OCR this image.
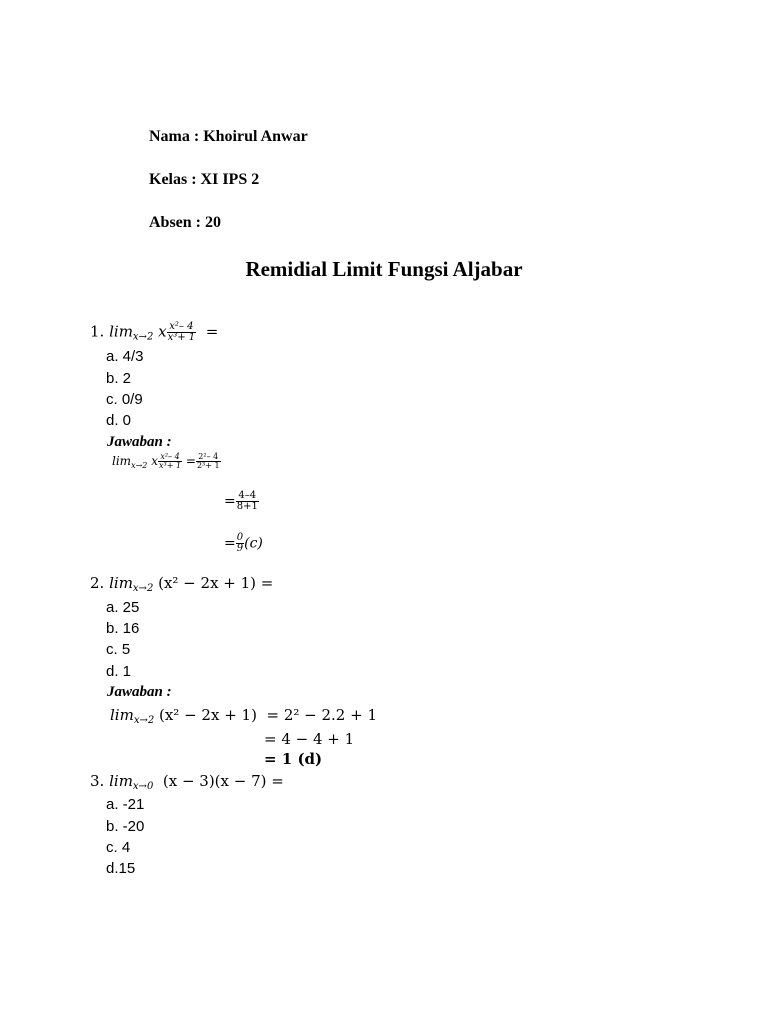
Nama : Khoirul Anwar
Kelas : XI IPS 2
Absen : 20
Remidial Limit Fungsi Aljabar
1. $\lim_{x\to 2} x \frac{\text{x²– 4}}{\text{x³+ 1}}$ =
a. 4/3
b. 2
c. 0/9
d. 0
Jawaban :
$\lim_{x\to 2} x \frac{\text{x²– 4}}{\text{x³+ 1}} = \frac{\text{2²– 4}}{\text{2³+ 1}}$
= $\frac{4-4}{8+1}$
= $\frac{0}{9} (c)$
2. $\lim_{x\to 2} (x^2 - 2x + 1)$ =
a. 25
b. 16
c. 5
d. 1
Jawaban :
$\lim_{x\to 2} (x^2 - 2x + 1) = 2^2 - 2.2 + 1$
= 4 − 4 + 1
= 1 (d)
3. $\lim_{x\to 0} (x - 3)(x - 7)$ =
a. -21
b. -20
c. 4
d.15
